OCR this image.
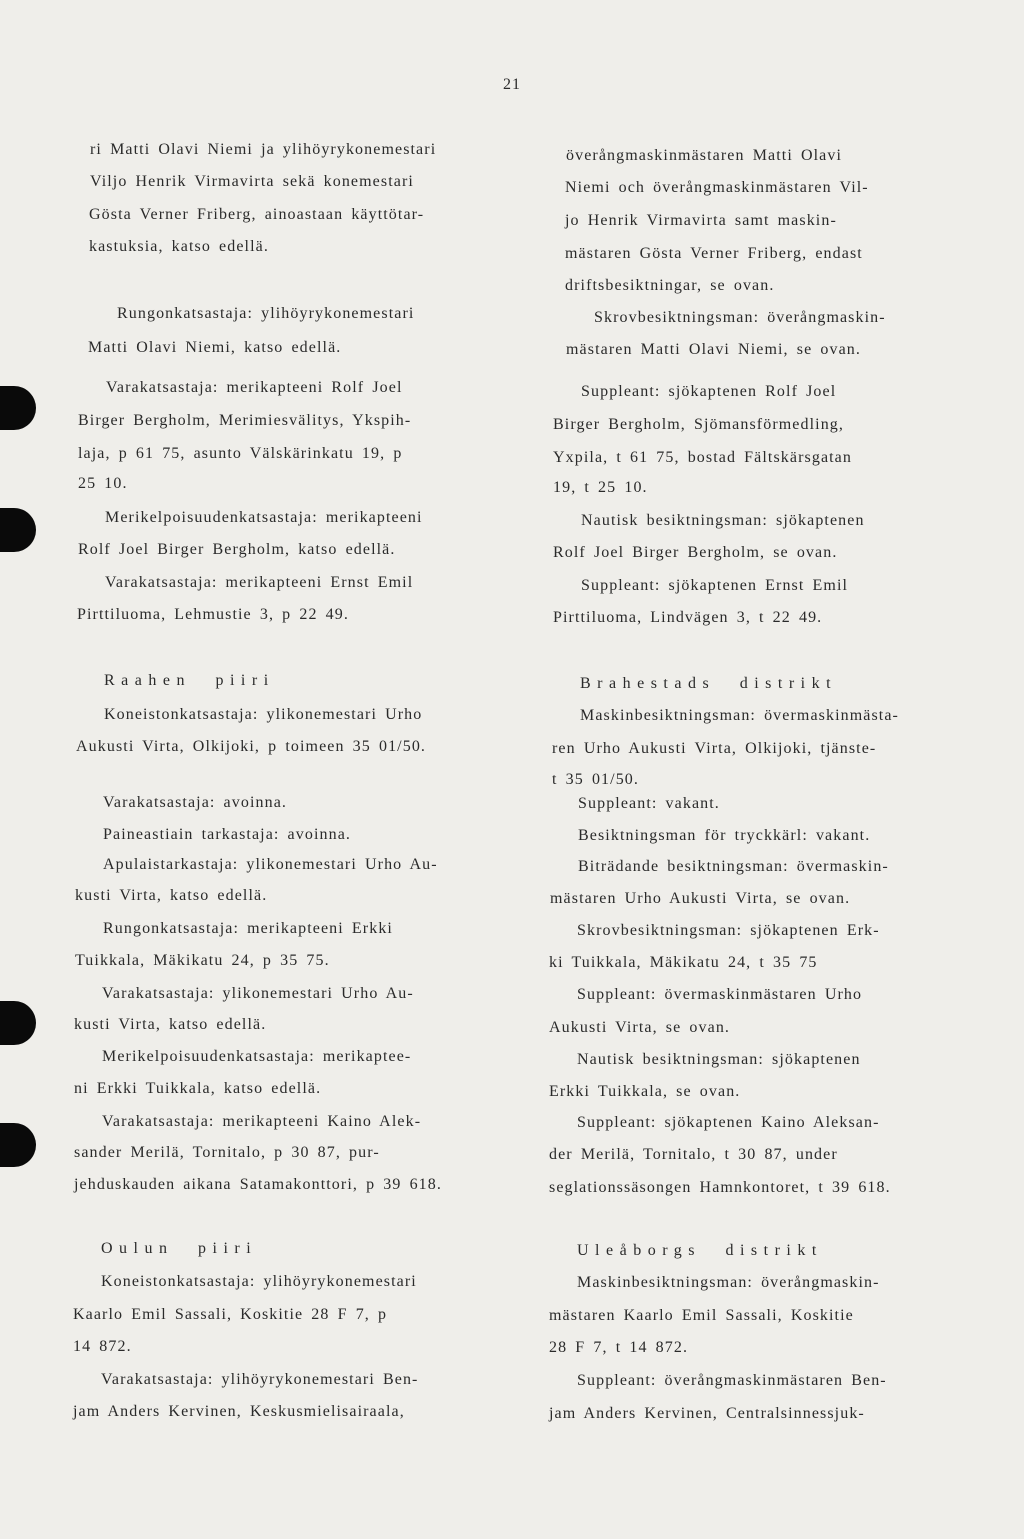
21
ri Matti Olavi Niemi ja ylihöyrykonemestari
Viljo Henrik Virmavirta sekä konemestari
Gösta Verner Friberg, ainoastaan käyttötar-
kastuksia, katso edellä.
Rungonkatsastaja: ylihöyrykonemestari
Matti Olavi Niemi, katso edellä.
Varakatsastaja: merikapteeni Rolf Joel
Birger Bergholm, Merimiesvälitys, Ykspih-
laja, p 61 75, asunto Välskärinkatu 19, p
25 10.
Merikelpoisuudenkatsastaja: merikapteeni
Rolf Joel Birger Bergholm, katso edellä.
Varakatsastaja: merikapteeni Ernst Emil
Pirttiluoma, Lehmustie 3, p 22 49.
Raahen piiri
Koneistonkatsastaja: ylikonemestari Urho
Aukusti Virta, Olkijoki, p toimeen 35 01/50.
Varakatsastaja: avoinna.
Paineastiain tarkastaja: avoinna.
Apulaistarkastaja: ylikonemestari Urho Au-
kusti Virta, katso edellä.
Rungonkatsastaja: merikapteeni Erkki
Tuikkala, Mäkikatu 24, p 35 75.
Varakatsastaja: ylikonemestari Urho Au-
kusti Virta, katso edellä.
Merikelpoisuudenkatsastaja: merikaptee-
ni Erkki Tuikkala, katso edellä.
Varakatsastaja: merikapteeni Kaino Alek-
sander Merilä, Tornitalo, p 30 87, pur-
jehduskauden aikana Satamakonttori, p 39 618.
Oulun piiri
Koneistonkatsastaja: ylihöyrykonemestari
Kaarlo Emil Sassali, Koskitie 28 F 7, p
14 872.
Varakatsastaja: ylihöyrykonemestari Ben-
jam Anders Kervinen, Keskusmielisairaala,
överångmaskinmästaren Matti Olavi
Niemi och överångmaskinmästaren Vil-
jo Henrik Virmavirta samt maskin-
mästaren Gösta Verner Friberg, endast
driftsbesiktningar, se ovan.
Skrovbesiktningsman: överångmaskin-
mästaren Matti Olavi Niemi, se ovan.
Suppleant: sjökaptenen Rolf Joel
Birger Bergholm, Sjömansförmedling,
Yxpila, t 61 75, bostad Fältskärsgatan
19, t 25 10.
Nautisk besiktningsman: sjökaptenen
Rolf Joel Birger Bergholm, se ovan.
Suppleant: sjökaptenen Ernst Emil
Pirttiluoma, Lindvägen 3, t 22 49.
Brahestads distrikt
Maskinbesiktningsman: övermaskinmästa-
ren Urho Aukusti Virta, Olkijoki, tjänste-
t 35 01/50.
Suppleant: vakant.
Besiktningsman för tryckkärl: vakant.
Biträdande besiktningsman: övermaskin-
mästaren Urho Aukusti Virta, se ovan.
Skrovbesiktningsman: sjökaptenen Erk-
ki Tuikkala, Mäkikatu 24, t 35 75
Suppleant: övermaskinmästaren Urho
Aukusti Virta, se ovan.
Nautisk besiktningsman: sjökaptenen
Erkki Tuikkala, se ovan.
Suppleant: sjökaptenen Kaino Aleksan-
der Merilä, Tornitalo, t 30 87, under
seglationssäsongen Hamnkontoret, t 39 618.
Uleåborgs distrikt
Maskinbesiktningsman: överångmaskin-
mästaren Kaarlo Emil Sassali, Koskitie
28 F 7, t 14 872.
Suppleant: överångmaskinmästaren Ben-
jam Anders Kervinen, Centralsinnessjuk-
